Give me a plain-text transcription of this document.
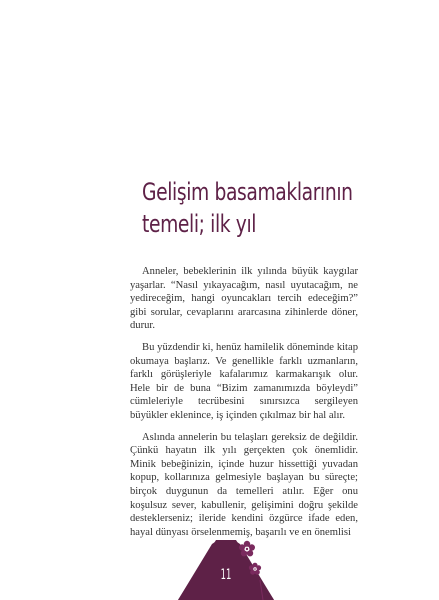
Gelişim basamaklarının
temeli; ilk yıl

Anneler, bebeklerinin ilk yılında büyük kaygılar yaşarlar. “Nasıl yıkayacağım, nasıl uyutacağım, ne yedireceğim, hangi oyuncakları tercih edeceğim?” gibi sorular, cevaplarını ararcasına zihinlerde döner, durur.

Bu yüzdendir ki, henüz hamilelik döneminde kitap okumaya başlarız. Ve genellikle farklı uzmanların, farklı görüşleriyle kafalarımız karmakarışık olur. Hele bir de buna “Bizim zamanımızda böyleydi” cümleleriyle tecrübesini sınırsızca sergileyen büyükler eklenince, iş içinden çıkılmaz bir hal alır.

Aslında annelerin bu telaşları gereksiz de değildir. Çünkü hayatın ilk yılı gerçekten çok önemlidir. Minik bebeğinizin, içinde huzur hissettiği yuvadan kopup, kollarınıza gelmesiyle başlayan bu süreçte; birçok duygunun da temelleri atılır. Eğer onu koşulsuz sever, kabullenir, gelişimini doğru şekilde desteklerseniz; ileride kendini özgürce ifade eden, hayal dünyası örselenmemiş, başarılı ve en önemlisi

11
